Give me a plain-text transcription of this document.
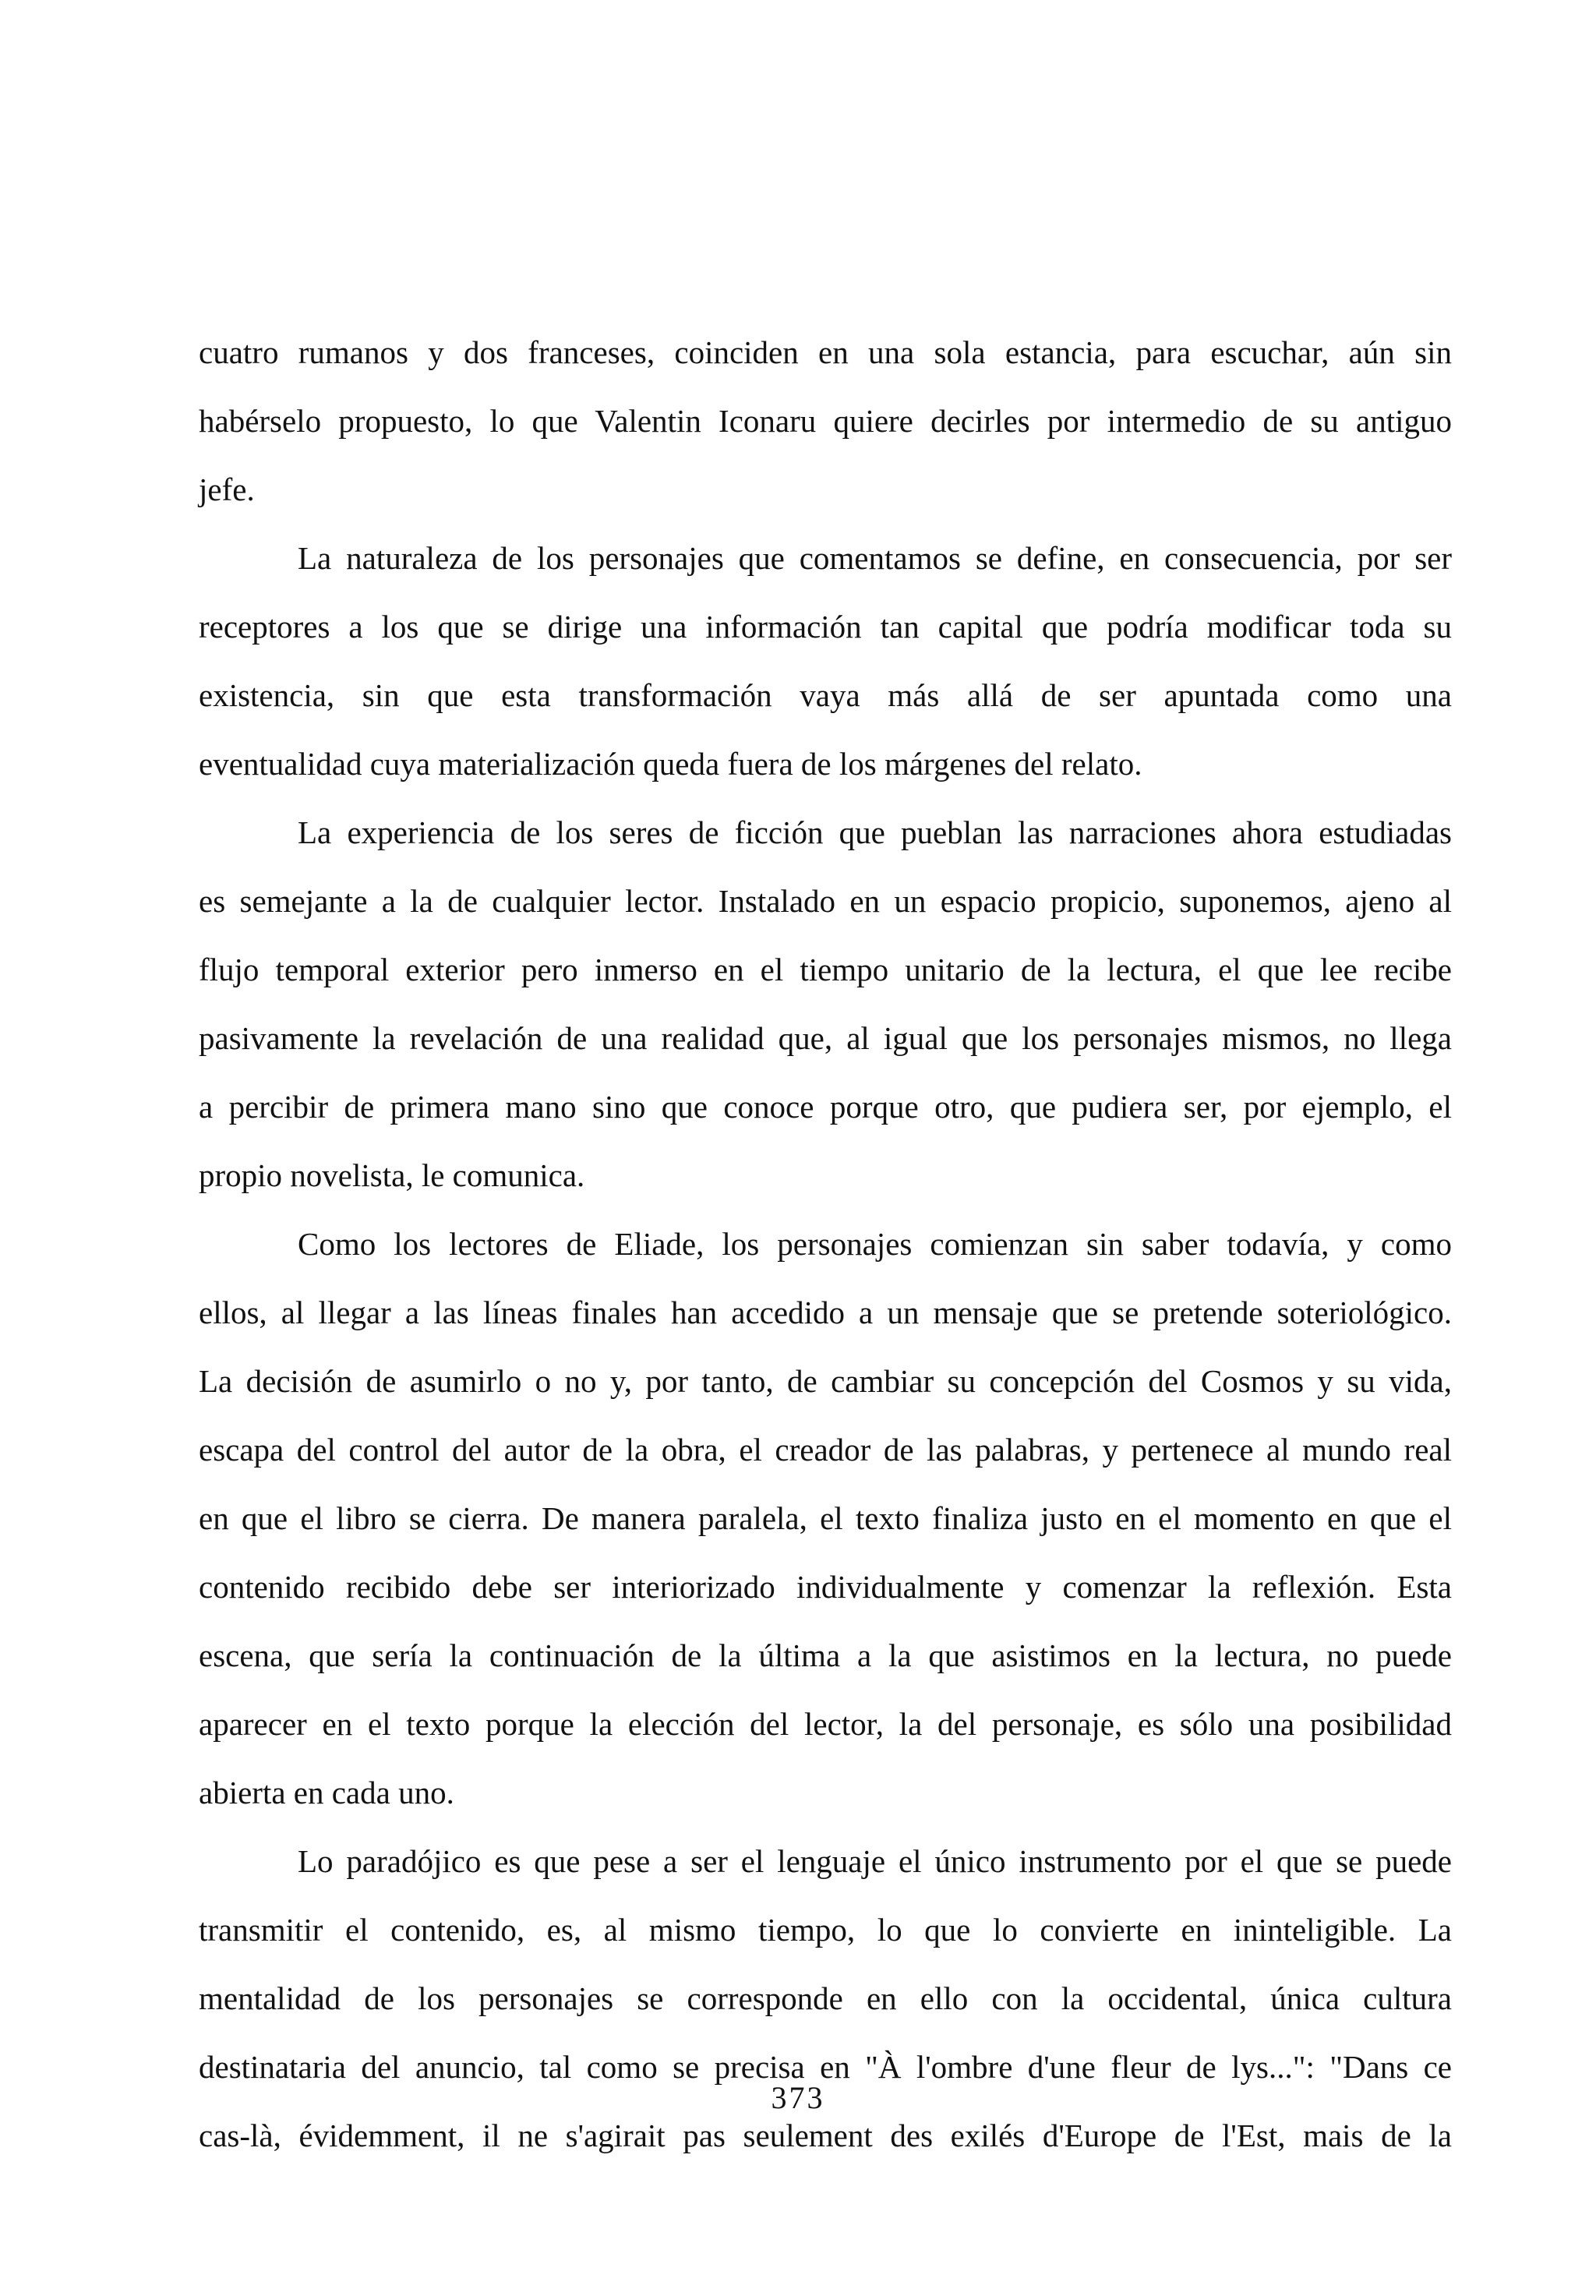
cuatro rumanos y dos franceses, coinciden en una sola estancia, para escuchar, aún sin
habérselo propuesto, lo que Valentin Iconaru quiere decirles por intermedio de su antiguo
jefe.
La naturaleza de los personajes que comentamos se define, en consecuencia, por ser
receptores a los que se dirige una información tan capital que podría modificar toda su
existencia, sin que esta transformación vaya más allá de ser apuntada como una
eventualidad cuya materialización queda fuera de los márgenes del relato.
La experiencia de los seres de ficción que pueblan las narraciones ahora estudiadas
es semejante a la de cualquier lector. Instalado en un espacio propicio, suponemos, ajeno al
flujo temporal exterior pero inmerso en el tiempo unitario de la lectura, el que lee recibe
pasivamente la revelación de una realidad que, al igual que los personajes mismos, no llega
a percibir de primera mano sino que conoce porque otro, que pudiera ser, por ejemplo, el
propio novelista, le comunica.
Como los lectores de Eliade, los personajes comienzan sin saber todavía, y como
ellos, al llegar a las líneas finales han accedido a un mensaje que se pretende soteriológico.
La decisión de asumirlo o no y, por tanto, de cambiar su concepción del Cosmos y su vida,
escapa del control del autor de la obra, el creador de las palabras, y pertenece al mundo real
en que el libro se cierra. De manera paralela, el texto finaliza justo en el momento en que el
contenido recibido debe ser interiorizado individualmente y comenzar la reflexión. Esta
escena, que sería la continuación de la última a la que asistimos en la lectura, no puede
aparecer en el texto porque la elección del lector, la del personaje, es sólo una posibilidad
abierta en cada uno.
Lo paradójico es que pese a ser el lenguaje el único instrumento por el que se puede
transmitir el contenido, es, al mismo tiempo, lo que lo convierte en ininteligible. La
mentalidad de los personajes se corresponde en ello con la occidental, única cultura
destinataria del anuncio, tal como se precisa en "À l'ombre d'une fleur de lys...": "Dans ce
cas-là, évidemment, il ne s'agirait pas seulement des exilés d'Europe de l'Est, mais de la
373
